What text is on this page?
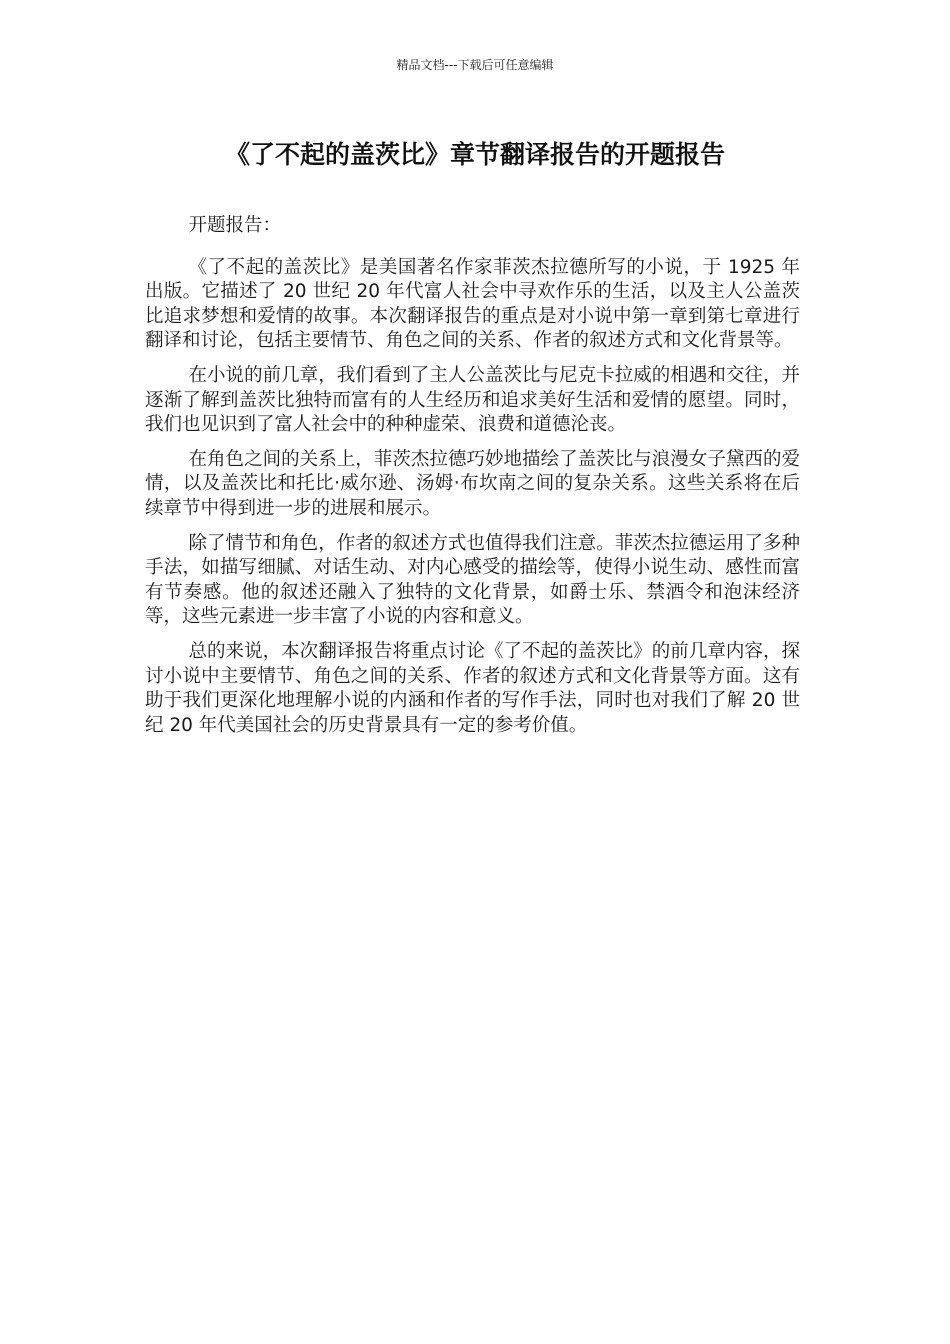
精品文档---下载后可任意编辑
《了不起的盖茨比》章节翻译报告的开题报告

开题报告：

《了不起的盖茨比》是美国著名作家菲茨杰拉德所写的小说，于 1925 年出版。它描述了 20 世纪 20 年代富人社会中寻欢作乐的生活，以及主人公盖茨比追求梦想和爱情的故事。本次翻译报告的重点是对小说中第一章到第七章进行翻译和讨论，包括主要情节、角色之间的关系、作者的叙述方式和文化背景等。

在小说的前几章，我们看到了主人公盖茨比与尼克卡拉威的相遇和交往，并逐渐了解到盖茨比独特而富有的人生经历和追求美好生活和爱情的愿望。同时，我们也见识到了富人社会中的种种虚荣、浪费和道德沦丧。

在角色之间的关系上，菲茨杰拉德巧妙地描绘了盖茨比与浪漫女子黛西的爱情，以及盖茨比和托比·威尔逊、汤姆·布坎南之间的复杂关系。这些关系将在后续章节中得到进一步的进展和展示。

除了情节和角色，作者的叙述方式也值得我们注意。菲茨杰拉德运用了多种手法，如描写细腻、对话生动、对内心感受的描绘等，使得小说生动、感性而富有节奏感。他的叙述还融入了独特的文化背景，如爵士乐、禁酒令和泡沫经济等，这些元素进一步丰富了小说的内容和意义。

总的来说，本次翻译报告将重点讨论《了不起的盖茨比》的前几章内容，探讨小说中主要情节、角色之间的关系、作者的叙述方式和文化背景等方面。这有助于我们更深化地理解小说的内涵和作者的写作手法，同时也对我们了解 20 世纪 20 年代美国社会的历史背景具有一定的参考价值。
